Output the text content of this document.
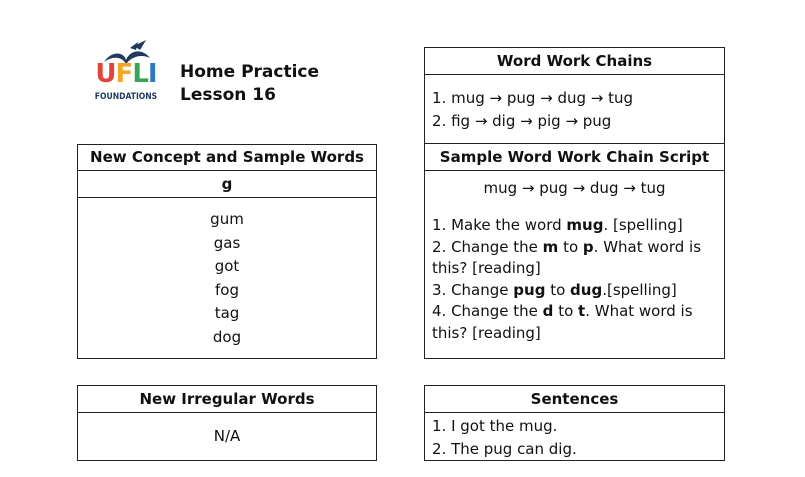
UFLI
FOUNDATIONS
Home Practice
Lesson 16
New Concept and Sample Words
g
gum
gas
got
fog
tag
dog
New Irregular Words
N/A
Word Work Chains
1. mug → pug → dug → tug
2. fig → dig → pig → pug
Sample Word Work Chain Script
mug → pug → dug → tug
1. Make the word mug. [spelling]
2. Change the m to p. What word is
this? [reading]
3. Change pug to dug.[spelling]
4. Change the d to t. What word is
this? [reading]
Sentences
1. I got the mug.
2. The pug can dig.
